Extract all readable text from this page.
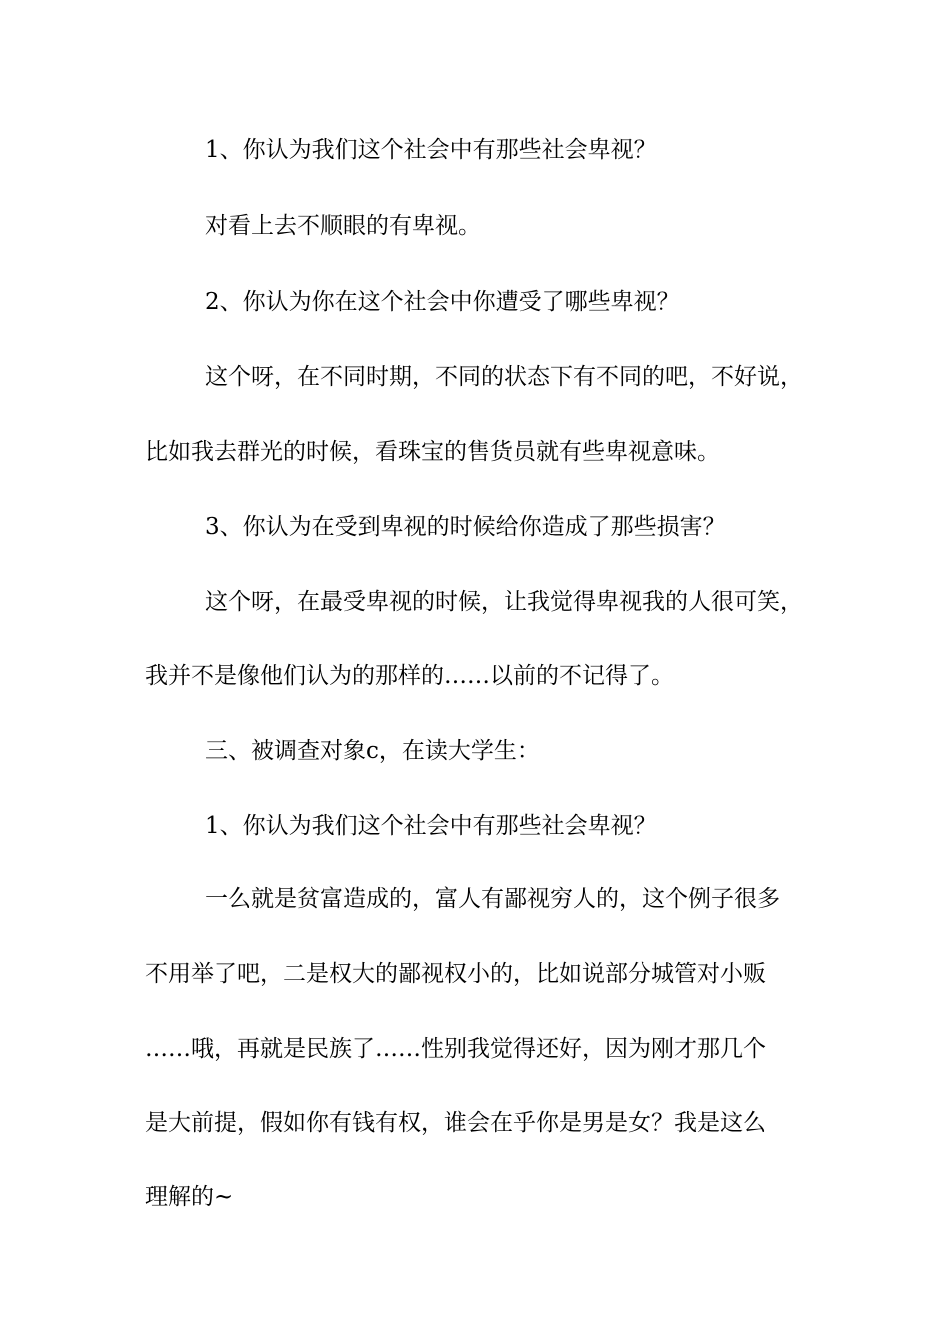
1、你认为我们这个社会中有那些社会卑视？
对看上去不顺眼的有卑视。
2、你认为你在这个社会中你遭受了哪些卑视？
这个呀，在不同时期，不同的状态下有不同的吧，不好说，
比如我去群光的时候，看珠宝的售货员就有些卑视意味。
3、你认为在受到卑视的时候给你造成了那些损害？
这个呀，在最受卑视的时候，让我觉得卑视我的人很可笑，
我并不是像他们认为的那样的……以前的不记得了。
三、被调查对象c，在读大学生：
1、你认为我们这个社会中有那些社会卑视？
一么就是贫富造成的，富人有鄙视穷人的，这个例子很多
不用举了吧，二是权大的鄙视权小的，比如说部分城管对小贩
……哦，再就是民族了……性别我觉得还好，因为刚才那几个
是大前提，假如你有钱有权，谁会在乎你是男是女？我是这么
理解的~
